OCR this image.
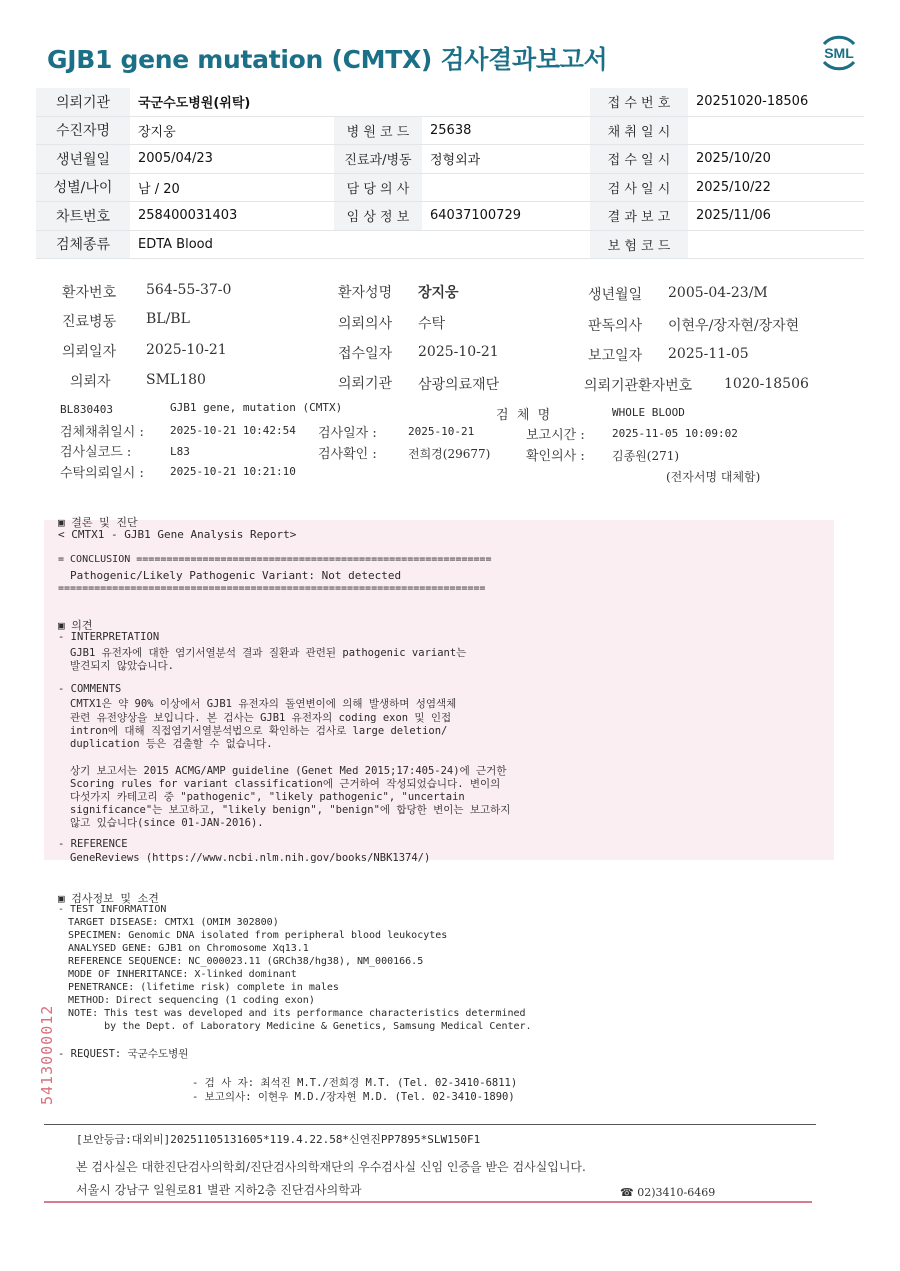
GJB1 gene mutation (CMTX) 검사결과보고서	SML
의뢰기관	국군수도병원(위탁)			접 수 번 호	20251020-18506
수진자명	장지웅	병 원 코 드	25638	채 취 일 시	
생년월일	2005/04/23	진료과/병동	정형외과	접 수 일 시	2025/10/20
성별/나이	남 / 20	담 당 의 사		검 사 일 시	2025/10/22
차트번호	258400031403	임 상 정 보	64037100729	결 과 보 고	2025/11/06
검체종류	EDTA Blood			보 험 코 드	
환자번호 564-55-37-0	환자성명 장지웅	생년월일 2005-04-23/M
진료병동 BL/BL	의뢰의사 수탁	판독의사 이현우/장자현/장자현
의뢰일자 2025-10-21	접수일자 2025-10-21	보고일자 2025-11-05
의뢰자	SML180	의뢰기관 삼광의료재단	의뢰기관환자번호 1020-18506
BL830403	GJB1 gene, mutation (CMTX)
검  체  명	WHOLE BLOOD
검체채취일시 : 2025-10-21 10:42:54 검사일자 :	2025-10-21	보고시간 : 2025-11-05 10:09:02
검사실코드 :	L83	검사확인 :	전희경(29677)	확인의사 : 김종원(271)
수탁의뢰일시 : 2025-10-21 10:21:10	(전자서명 대체함)
▣ 결론 및 진단
< CMTX1 - GJB1 Gene Analysis Report>
= CONCLUSION ===========================================================
Pathogenic/Likely Pathogenic Variant: Not detected
=======================================================================
▣ 의견
- INTERPRETATION
GJB1 유전자에 대한 염기서열분석 결과 질환과 관련된 pathogenic variant는
발견되지 않았습니다.
- COMMENTS
CMTX1은 약 90% 이상에서 GJB1 유전자의 돌연변이에 의해 발생하며 성염색체
관련 유전양상을 보입니다. 본 검사는 GJB1 유전자의 coding exon 및 인접
intron에 대해 직접염기서열분석법으로 확인하는 검사로 large deletion/
duplication 등은 검출할 수 없습니다.
상기 보고서는 2015 ACMG/AMP guideline (Genet Med 2015;17:405-24)에 근거한
Scoring rules for variant classification에 근거하여 작성되었습니다. 변이의
다섯가지 카테고리 중 "pathogenic", "likely pathogenic", "uncertain
significance"는 보고하고, "likely benign", "benign"에 합당한 변이는 보고하지
않고 있습니다(since 01-JAN-2016).
- REFERENCE
GeneReviews (https://www.ncbi.nlm.nih.gov/books/NBK1374/)
▣ 검사정보 및 소견
- TEST INFORMATION
TARGET DISEASE: CMTX1 (OMIM 302800)
SPECIMEN: Genomic DNA isolated from peripheral blood leukocytes
ANALYSED GENE: GJB1 on Chromosome Xq13.1
REFERENCE SEQUENCE: NC_000023.11 (GRCh38/hg38), NM_000166.5
MODE OF INHERITANCE: X-linked dominant
PENETRANCE: (lifetime risk) complete in males
METHOD: Direct sequencing (1 coding exon)
NOTE: This test was developed and its performance characteristics determined
by the Dept. of Laboratory Medicine & Genetics, Samsung Medical Center.
- REQUEST: 국군수도병원
- 검 사 자: 최석진 M.T./전희경 M.T. (Tel. 02-3410-6811)
- 보고의사: 이현우 M.D./장자현 M.D. (Tel. 02-3410-1890)
5413000012
[보안등급:대외비]20251105131605*119.4.22.58*신연진PP7895*SLW150F1
본 검사실은 대한진단검사의학회/진단검사의학재단의 우수검사실 신임 인증을 받은 검사실입니다.
서울시 강남구 일원로81 별관 지하2층 진단검사의학과	☎ 02)3410-6469
